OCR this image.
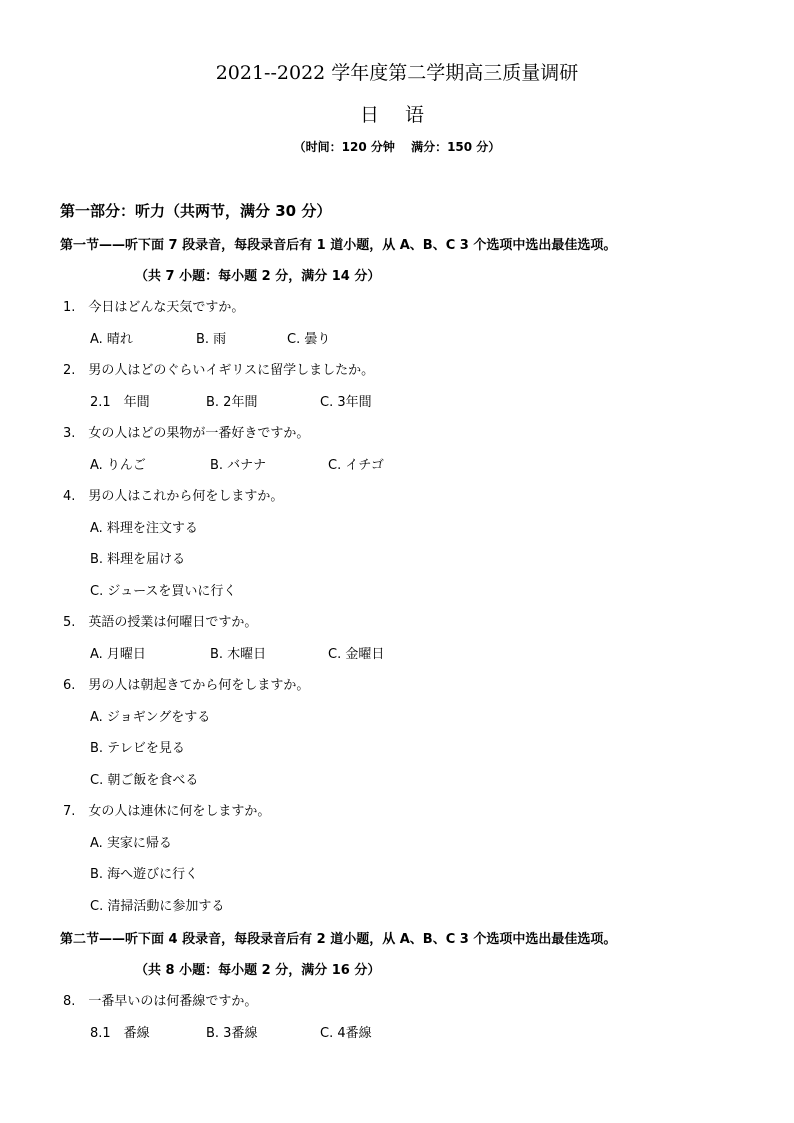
2021--2022 学年度第二学期高三质量调研
日 语
（时间：120 分钟　 满分：150 分）
第一部分：听力（共两节，满分 30 分）
第一节——听下面 7 段录音，每段录音后有 1 道小题，从 A、B、C 3 个选项中选出最佳选项。
（共 7 小题：每小题 2 分，满分 14 分）
1.　今日はどんな天気ですか。
A. 晴れ	B. 雨	C. 曇り
2.　男の人はどのぐらいイギリスに留学しましたか。
2.1　年間	B. 2年間	C. 3年間
3.　女の人はどの果物が一番好きですか。
A. りんご	B. バナナ	C. イチゴ
4.　男の人はこれから何をしますか。
A. 料理を注文する
B. 料理を届ける
C. ジュースを買いに行く
5.　英語の授業は何曜日ですか。
A. 月曜日	B. 木曜日	C. 金曜日
6.　男の人は朝起きてから何をしますか。
A. ジョギングをする
B. テレビを見る
C. 朝ご飯を食べる
7.　女の人は連休に何をしますか。
A. 実家に帰る
B. 海へ遊びに行く
C. 清掃活動に参加する
第二节——听下面 4 段录音，每段录音后有 2 道小题，从 A、B、C 3 个选项中选出最佳选项。
（共 8 小题：每小题 2 分，满分 16 分）
8.　一番早いのは何番線ですか。
8.1　番線	B. 3番線	C. 4番線
